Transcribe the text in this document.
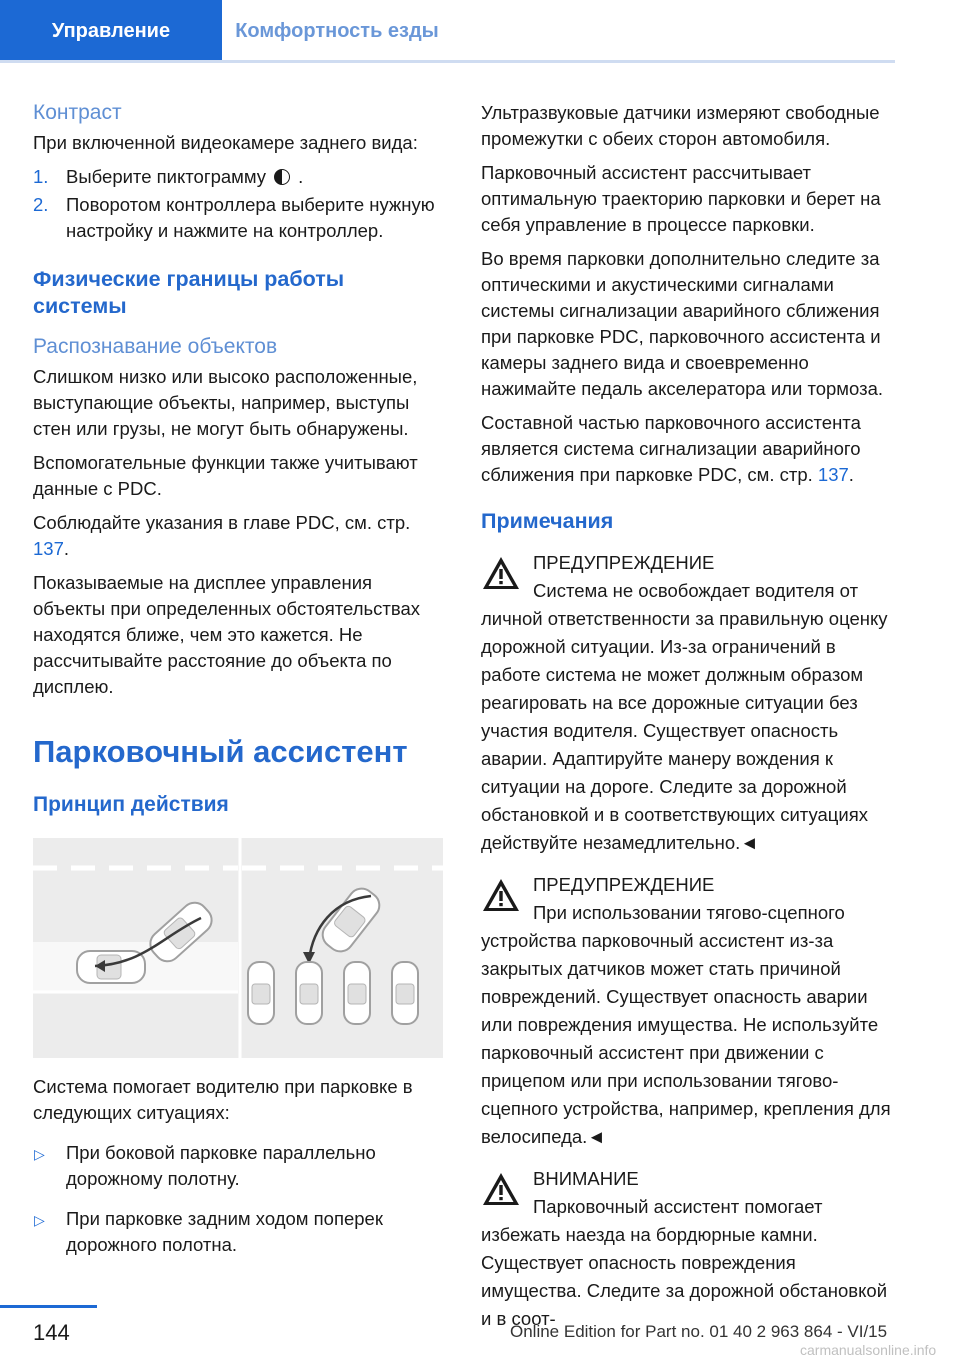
Управление	Комфортность езды
Контраст

При включенной видеокамере заднего вида:

1. Выберите пиктограмму .
2. Поворотом контроллера выберите нужную настройку и нажмите на контроллер.
Физические границы работы системы
Распознавание объектов

Слишком низко или высоко расположенные, выступающие объекты, например, выступы стен или грузы, не могут быть обнаружены.

Вспомогательные функции также учитывают данные с PDC.

Соблюдайте указания в главе PDC, см. стр. 137.

Показываемые на дисплее управления объекты при определенных обстоятельствах находятся ближе, чем это кажется. Не рассчитывайте расстояние до объекта по дисплею.

Парковочный ассистент
Принцип действия

Система помогает водителю при парковке в следующих ситуациях:

▷ При боковой парковке параллельно дорожному полотну.
▷ При парковке задним ходом поперек дорожного полотна.

Ультразвуковые датчики измеряют свободные промежутки с обеих сторон автомобиля.

Парковочный ассистент рассчитывает оптимальную траекторию парковки и берет на себя управление в процессе парковки.

Во время парковки дополнительно следите за оптическими и акустическими сигналами системы сигнализации аварийного сближения при парковке PDC, парковочного ассистента и камеры заднего вида и своевременно нажимайте педаль акселератора или тормоза.

Составной частью парковочного ассистента является система сигнализации аварийного сближения при парковке PDC, см. стр. 137.

Примечания
ПРЕДУПРЕЖДЕНИЕ
Система не освобождает водителя от личной ответственности за правильную оценку дорожной ситуации. Из-за ограничений в работе система не может должным образом реагировать на все дорожные ситуации без участия водителя. Существует опасность аварии. Адаптируйте манеру вождения к ситуации на дороге. Следите за дорожной обстановкой и в соответствующих ситуациях действуйте незамедлительно.◄
ПРЕДУПРЕЖДЕНИЕ
При использовании тягово-сцепного устройства парковочный ассистент из-за закрытых датчиков может стать причиной повреждений. Существует опасность аварии или повреждения имущества. Не используйте парковочный ассистент при движении с прицепом или при использовании тягово-сцепного устройства, например, крепления для велосипеда.◄
ВНИМАНИЕ
Парковочный ассистент помогает избежать наезда на бордюрные камни. Существует опасность повреждения имущества. Следите за дорожной обстановкой и в соот-
144	Online Edition for Part no. 01 40 2 963 864 - VI/15
carmanualsonline.info
